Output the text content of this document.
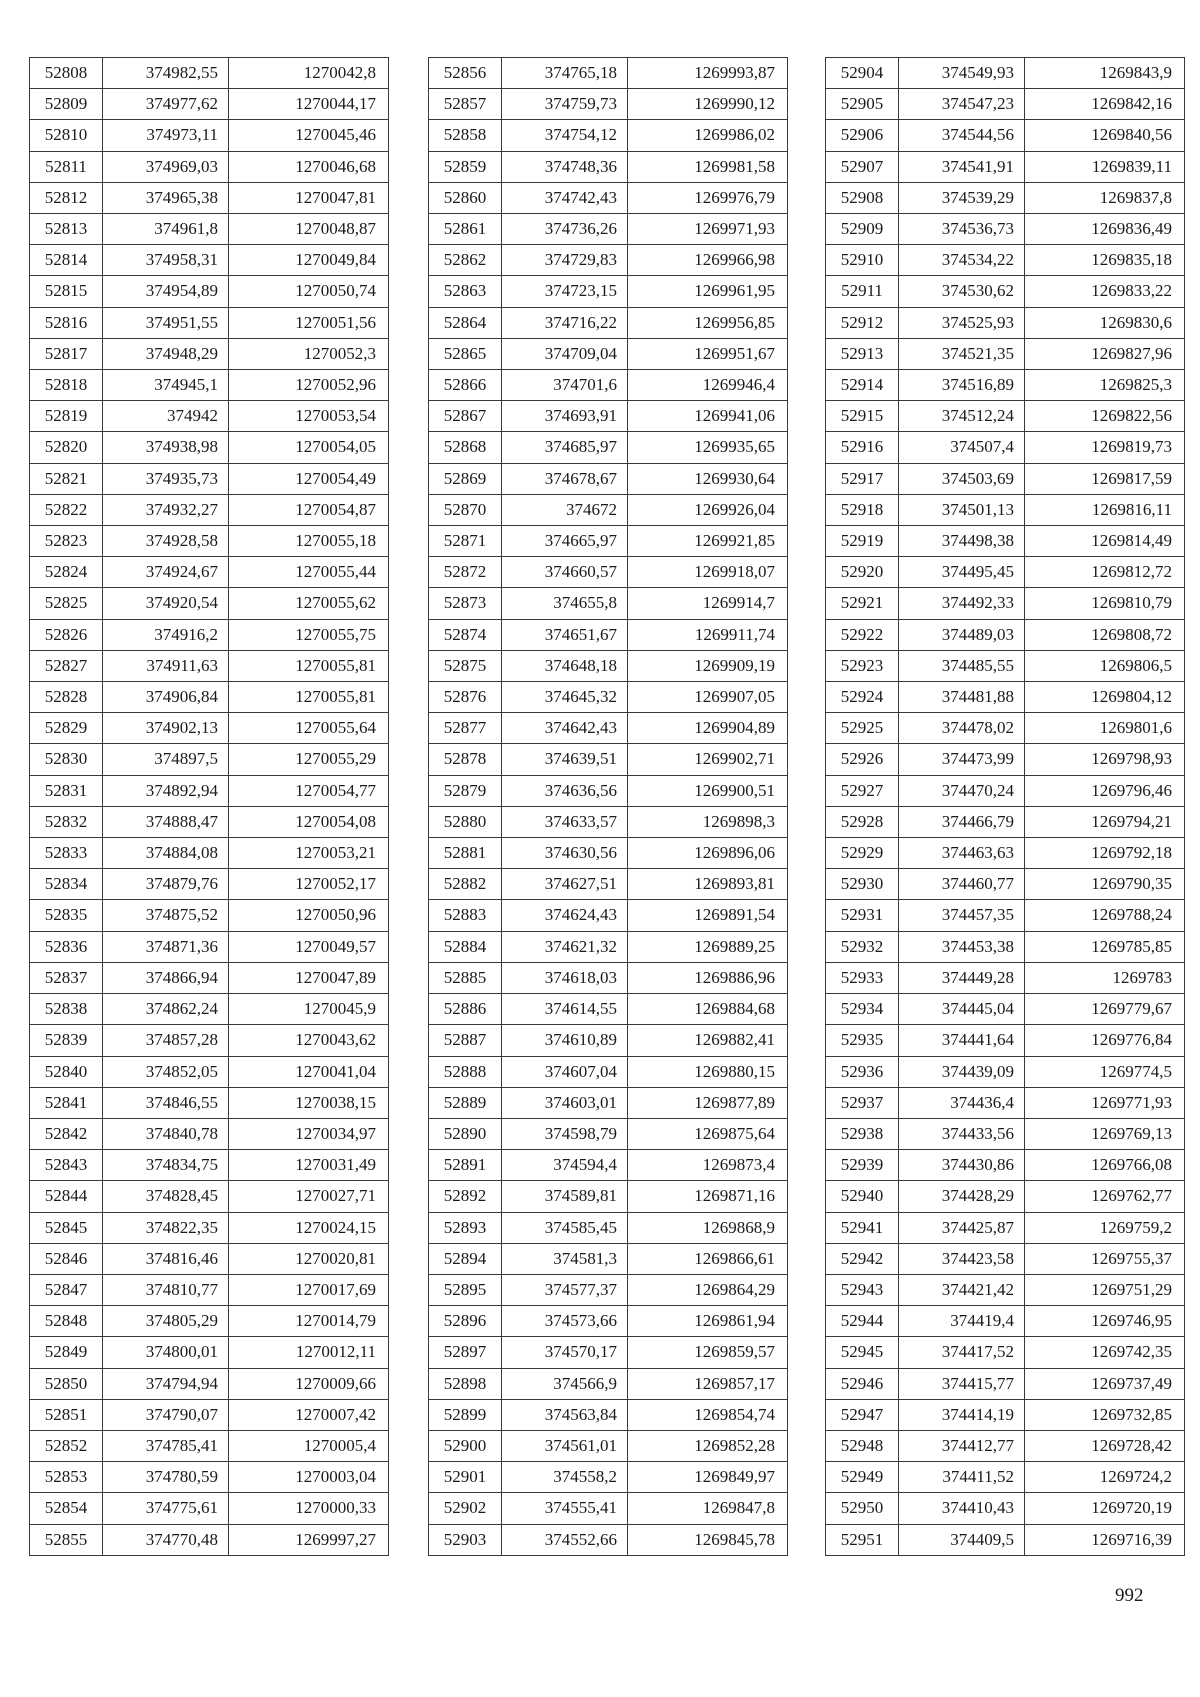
52808	374982,55	1270042,8
52809	374977,62	1270044,17
52810	374973,11	1270045,46
52811	374969,03	1270046,68
52812	374965,38	1270047,81
52813	374961,8	1270048,87
52814	374958,31	1270049,84
52815	374954,89	1270050,74
52816	374951,55	1270051,56
52817	374948,29	1270052,3
52818	374945,1	1270052,96
52819	374942	1270053,54
52820	374938,98	1270054,05
52821	374935,73	1270054,49
52822	374932,27	1270054,87
52823	374928,58	1270055,18
52824	374924,67	1270055,44
52825	374920,54	1270055,62
52826	374916,2	1270055,75
52827	374911,63	1270055,81
52828	374906,84	1270055,81
52829	374902,13	1270055,64
52830	374897,5	1270055,29
52831	374892,94	1270054,77
52832	374888,47	1270054,08
52833	374884,08	1270053,21
52834	374879,76	1270052,17
52835	374875,52	1270050,96
52836	374871,36	1270049,57
52837	374866,94	1270047,89
52838	374862,24	1270045,9
52839	374857,28	1270043,62
52840	374852,05	1270041,04
52841	374846,55	1270038,15
52842	374840,78	1270034,97
52843	374834,75	1270031,49
52844	374828,45	1270027,71
52845	374822,35	1270024,15
52846	374816,46	1270020,81
52847	374810,77	1270017,69
52848	374805,29	1270014,79
52849	374800,01	1270012,11
52850	374794,94	1270009,66
52851	374790,07	1270007,42
52852	374785,41	1270005,4
52853	374780,59	1270003,04
52854	374775,61	1270000,33
52855	374770,48	1269997,27
52856	374765,18	1269993,87
52857	374759,73	1269990,12
52858	374754,12	1269986,02
52859	374748,36	1269981,58
52860	374742,43	1269976,79
52861	374736,26	1269971,93
52862	374729,83	1269966,98
52863	374723,15	1269961,95
52864	374716,22	1269956,85
52865	374709,04	1269951,67
52866	374701,6	1269946,4
52867	374693,91	1269941,06
52868	374685,97	1269935,65
52869	374678,67	1269930,64
52870	374672	1269926,04
52871	374665,97	1269921,85
52872	374660,57	1269918,07
52873	374655,8	1269914,7
52874	374651,67	1269911,74
52875	374648,18	1269909,19
52876	374645,32	1269907,05
52877	374642,43	1269904,89
52878	374639,51	1269902,71
52879	374636,56	1269900,51
52880	374633,57	1269898,3
52881	374630,56	1269896,06
52882	374627,51	1269893,81
52883	374624,43	1269891,54
52884	374621,32	1269889,25
52885	374618,03	1269886,96
52886	374614,55	1269884,68
52887	374610,89	1269882,41
52888	374607,04	1269880,15
52889	374603,01	1269877,89
52890	374598,79	1269875,64
52891	374594,4	1269873,4
52892	374589,81	1269871,16
52893	374585,45	1269868,9
52894	374581,3	1269866,61
52895	374577,37	1269864,29
52896	374573,66	1269861,94
52897	374570,17	1269859,57
52898	374566,9	1269857,17
52899	374563,84	1269854,74
52900	374561,01	1269852,28
52901	374558,2	1269849,97
52902	374555,41	1269847,8
52903	374552,66	1269845,78
52904	374549,93	1269843,9
52905	374547,23	1269842,16
52906	374544,56	1269840,56
52907	374541,91	1269839,11
52908	374539,29	1269837,8
52909	374536,73	1269836,49
52910	374534,22	1269835,18
52911	374530,62	1269833,22
52912	374525,93	1269830,6
52913	374521,35	1269827,96
52914	374516,89	1269825,3
52915	374512,24	1269822,56
52916	374507,4	1269819,73
52917	374503,69	1269817,59
52918	374501,13	1269816,11
52919	374498,38	1269814,49
52920	374495,45	1269812,72
52921	374492,33	1269810,79
52922	374489,03	1269808,72
52923	374485,55	1269806,5
52924	374481,88	1269804,12
52925	374478,02	1269801,6
52926	374473,99	1269798,93
52927	374470,24	1269796,46
52928	374466,79	1269794,21
52929	374463,63	1269792,18
52930	374460,77	1269790,35
52931	374457,35	1269788,24
52932	374453,38	1269785,85
52933	374449,28	1269783
52934	374445,04	1269779,67
52935	374441,64	1269776,84
52936	374439,09	1269774,5
52937	374436,4	1269771,93
52938	374433,56	1269769,13
52939	374430,86	1269766,08
52940	374428,29	1269762,77
52941	374425,87	1269759,2
52942	374423,58	1269755,37
52943	374421,42	1269751,29
52944	374419,4	1269746,95
52945	374417,52	1269742,35
52946	374415,77	1269737,49
52947	374414,19	1269732,85
52948	374412,77	1269728,42
52949	374411,52	1269724,2
52950	374410,43	1269720,19
52951	374409,5	1269716,39
992
